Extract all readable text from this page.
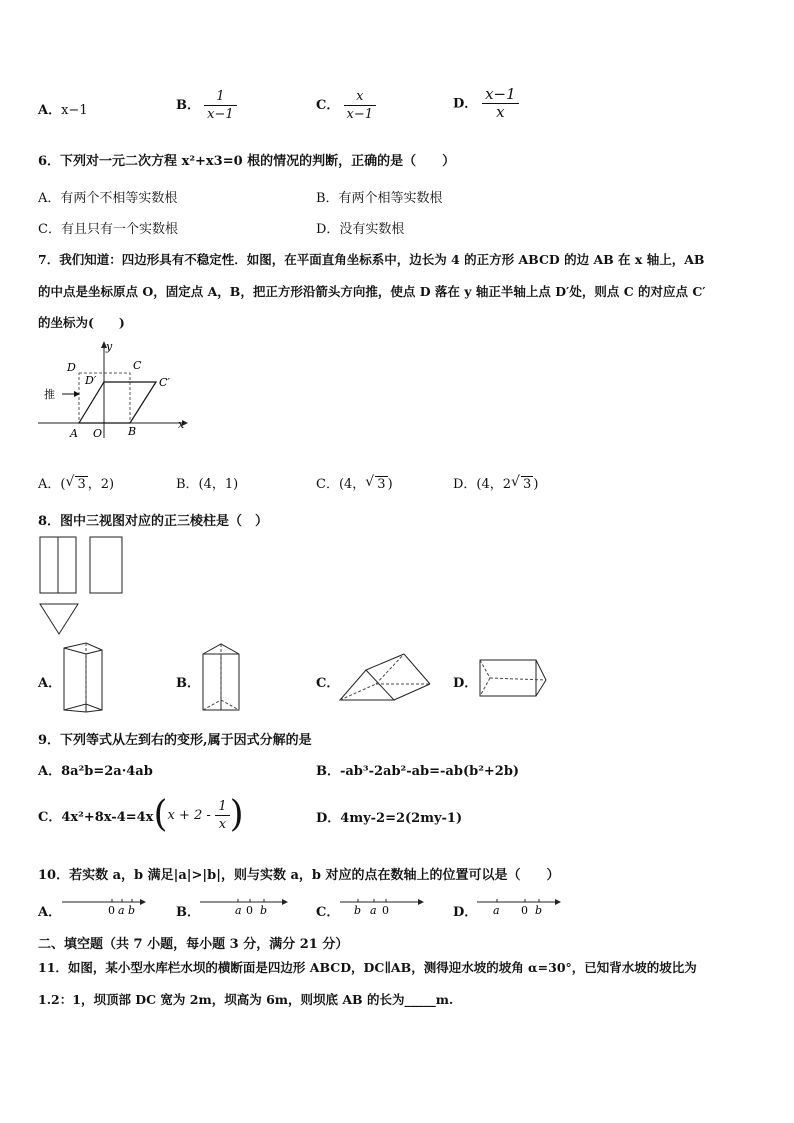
A．x−1	B． $\frac{1}{x-1}$	C． $\frac{x}{x-1}$	D． $\frac{x-1}{x}$
6．下列对一元二次方程 x²+x3=0 根的情况的判断，正确的是（　　）
A．有两个不相等实数根	B．有两个相等实数根
C．有且只有一个实数根	D．没有实数根
7．我们知道：四边形具有不稳定性．如图，在平面直角坐标系中，边长为 4 的正方形 ABCD 的边 AB 在 x 轴上，AB
的中点是坐标原点 O，固定点 A，B，把正方形沿箭头方向推，使点 D 落在 y 轴正半轴上点 D′处，则点 C 的对应点 C′
的坐标为(　　)
y
x
D	C
D′	C′
推
A O B
A．( √ 3 ，2)	B．(4，1)	C．(4， √ 3 )	D．(4，2 √ 3 )
8．图中三视图对应的正三棱柱是（　）
A．	B．	C．	D．
9．下列等式从左到右的变形,属于因式分解的是
A．8a²b=2a·4ab	B．-ab³-2ab²-ab=-ab(b²+2b)
C．$4x^2+8x-4=4x(x + 2 - \frac{1}{x}$ )	D．4my-2=2(2my-1)
10．若实数 a，b 满足|a|>|b|，则与实数 a，b 对应的点在数轴上的位置可以是（　　）
A．	0 a b	B．	a 0 b	C． b a 0	D． a 0 b
二、填空题（共 7 小题，每小题 3 分，满分 21 分）
11．如图，某小型水库栏水坝的横断面是四边形 ABCD，DC∥AB，测得迎水坡的坡角 α=30°，已知背水坡的坡比为
1.2：1，坝顶部 DC 宽为 2m，坝高为 6m，则坝底 AB 的长为_____m.
